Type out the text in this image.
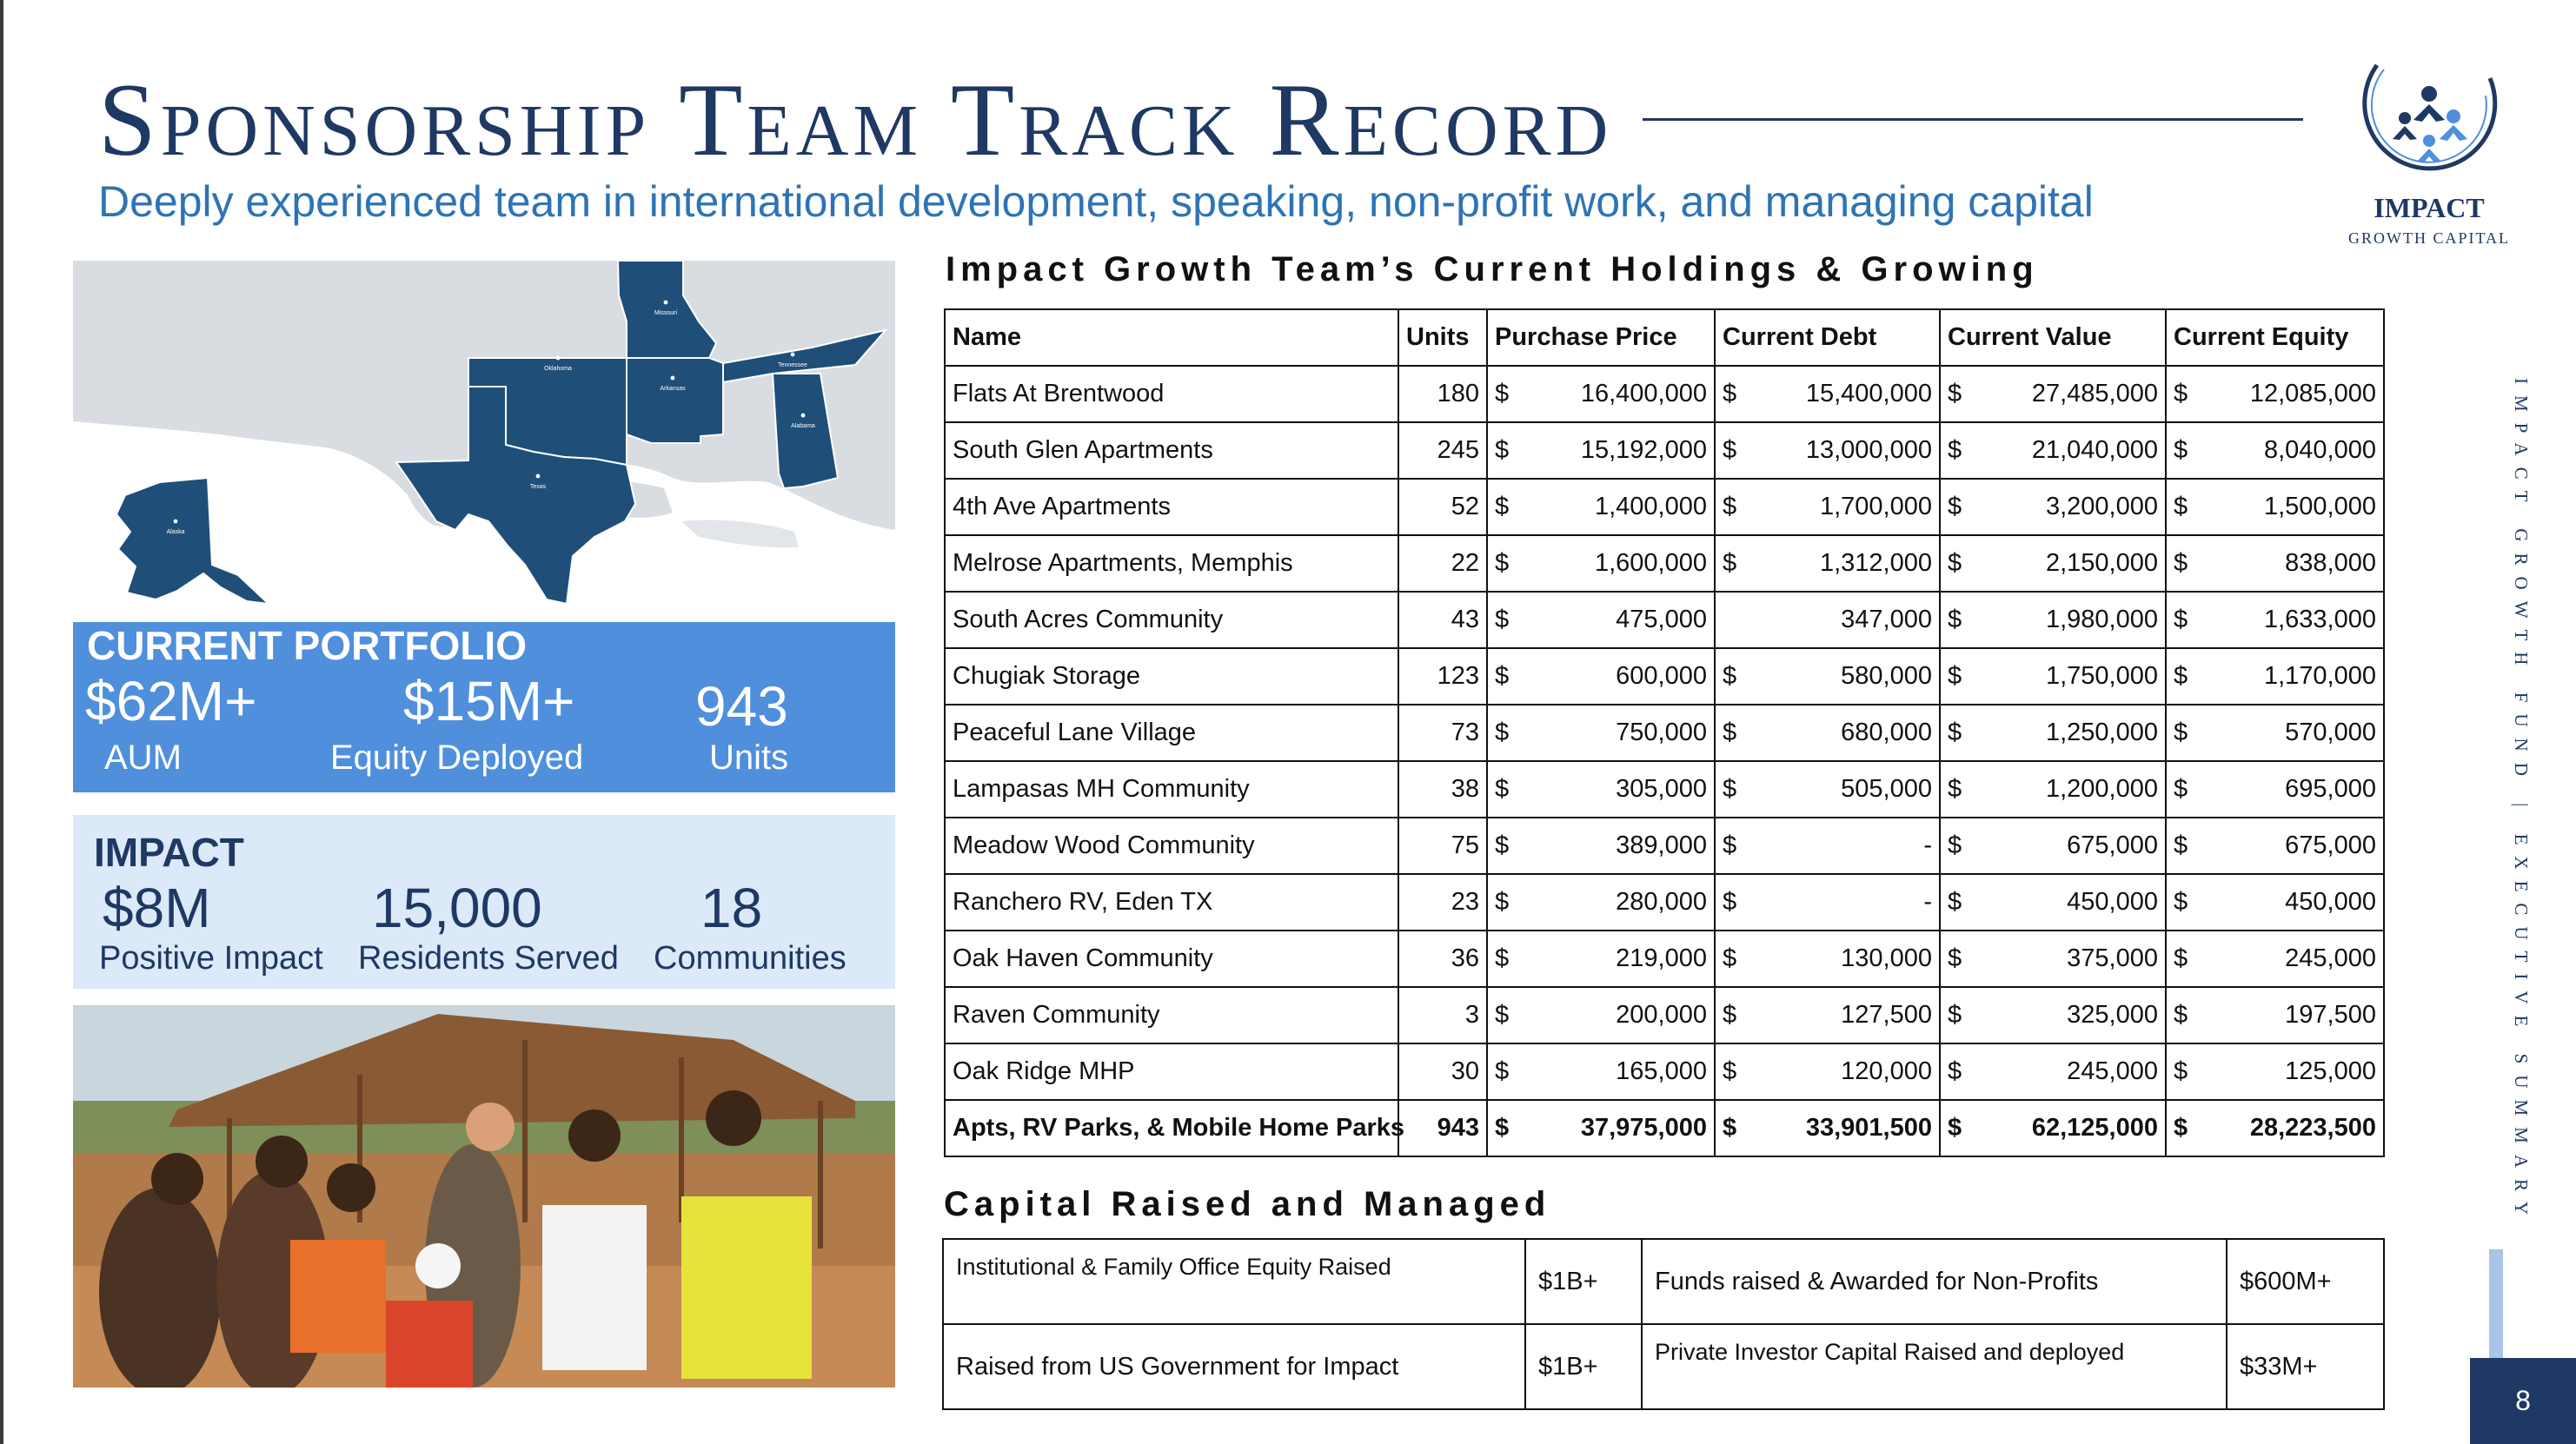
Sponsorship Team Track Record
Deeply experienced team in international development, speaking, non-profit work, and managing capital	IMPACT
GROWTH CAPITAL
IMPACT GROWTH FUND | EXECUTIVE SUMMARY
8
Missouri
Oklahoma
Arkansas
Tennessee
Alabama
Texas
Alaska
CURRENT PORTFOLIO
$62M+
AUM
$15M+
Equity Deployed
943
Units
IMPACT
$8M
Positive Impact
15,000
Residents Served
18
Communities
Impact Growth Team’s Current Holdings & Growing
Name	Units	Purchase Price	Current Debt	Current Value	Current Equity
Flats At Brentwood	180	$ 16,400,000	$ 15,400,000	$ 27,485,000	$ 12,085,000

South Glen Apartments	245	$ 15,192,000	$ 13,000,000	$ 21,040,000	$ 8,040,000

4th Ave Apartments	52	$ 1,400,000	$ 1,700,000	$ 3,200,000	$ 1,500,000

Melrose Apartments, Memphis	22	$ 1,600,000	$ 1,312,000	$ 2,150,000	$ 838,000

South Acres Community	43	$ 475,000	347,000	$ 1,980,000	$ 1,633,000

Chugiak Storage	123	$ 600,000	$ 580,000	$ 1,750,000	$ 1,170,000

Peaceful Lane Village	73	$ 750,000	$ 680,000	$ 1,250,000	$ 570,000

Lampasas MH Community	38	$ 305,000	$ 505,000	$ 1,200,000	$ 695,000

Meadow Wood Community	75	$ 389,000	$ -	$ 675,000	$ 675,000

Ranchero RV, Eden TX	23	$ 280,000	$ -	$ 450,000	$ 450,000

Oak Haven Community	36	$ 219,000	$ 130,000	$ 375,000	$ 245,000

Raven Community	3	$ 200,000	$ 127,500	$ 325,000	$ 197,500

Oak Ridge MHP	30	$ 165,000	$ 120,000	$ 245,000	$ 125,000

Apts, RV Parks, & Mobile Home Parks	943	$ 37,975,000	$ 33,901,500	$ 62,125,000	$ 28,223,500
Capital Raised and Managed
Institutional & Family Office Equity Raised	$1B+	Funds raised & Awarded for Non-Profits	$600M+
Raised from US Government for Impact	$1B+	Private Investor Capital Raised and deployed	$33M+
